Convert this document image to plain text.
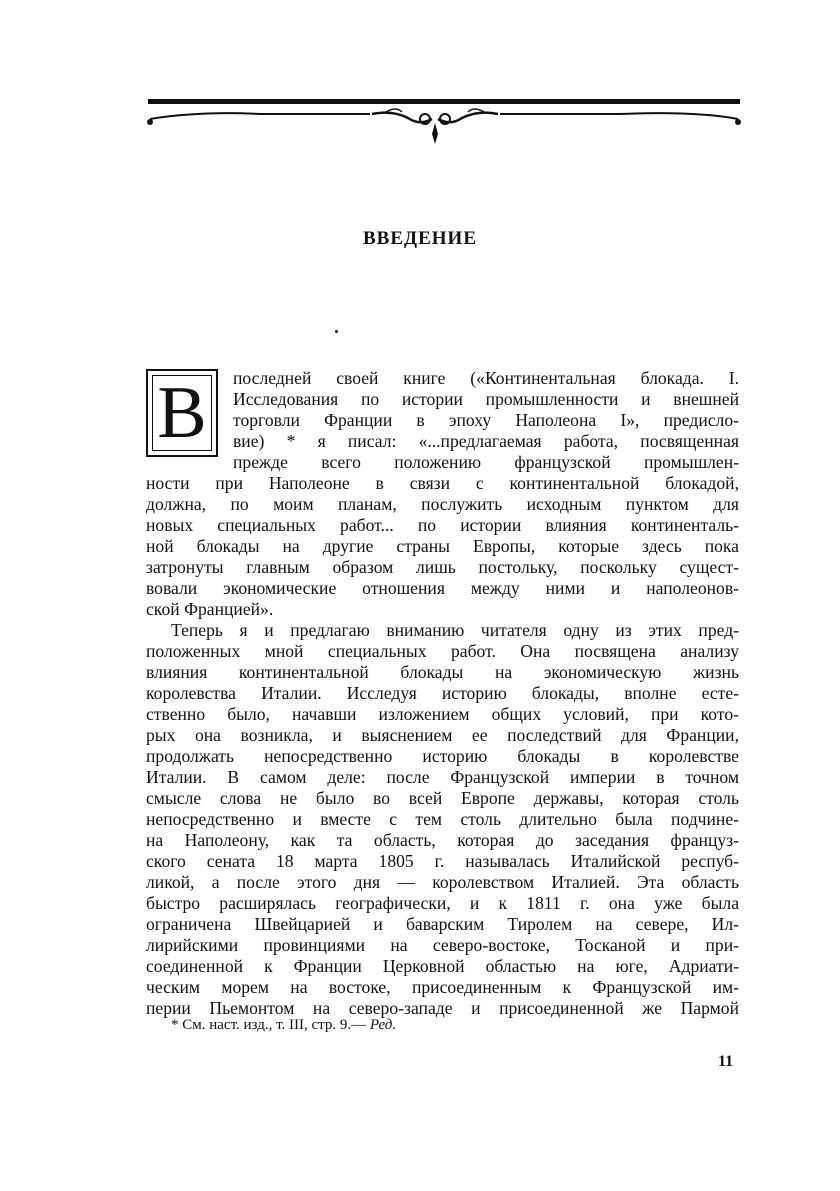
ВВЕДЕНИЕ
В	последней своей книге («Континентальная блокада. I.
Исследования по истории промышленности и внешней
торговли Франции в эпоху Наполеона I», предисло-
вие) * я писал: «...предлагаемая работа, посвященная
прежде всего положению французской промышлен-
ности при Наполеоне в связи с континентальной блокадой,
должна, по моим планам, послужить исходным пунктом для
новых специальных работ... по истории влияния континенталь-
ной блокады на другие страны Европы, которые здесь пока
затронуты главным образом лишь постольку, поскольку сущест-
вовали экономические отношения между ними и наполеонов-
ской Францией».
Теперь я и предлагаю вниманию читателя одну из этих пред-
положенных мной специальных работ. Она посвящена анализу
влияния континентальной блокады на экономическую жизнь
королевства Италии. Исследуя историю блокады, вполне есте-
ственно было, начавши изложением общих условий, при кото-
рых она возникла, и выяснением ее последствий для Франции,
продолжать непосредственно историю блокады в королевстве
Италии. В самом деле: после Французской империи в точном
смысле слова не было во всей Европе державы, которая столь
непосредственно и вместе с тем столь длительно была подчине-
на Наполеону, как та область, которая до заседания француз-
ского сената 18 марта 1805 г. называлась Италийской респуб-
ликой, а после этого дня — королевством Италией. Эта область
быстро расширялась географически, и к 1811 г. она уже была
ограничена Швейцарией и баварским Тиролем на севере, Ил-
лирийскими провинциями на северо-востоке, Тосканой и при-
соединенной к Франции Церковной областью на юге, Адриати-
ческим морем на востоке, присоединенным к Французской им-
перии Пьемонтом на северо-западе и присоединенной же Пармой
* См. наст. изд., т. III, стр. 9.— Ред.
11
